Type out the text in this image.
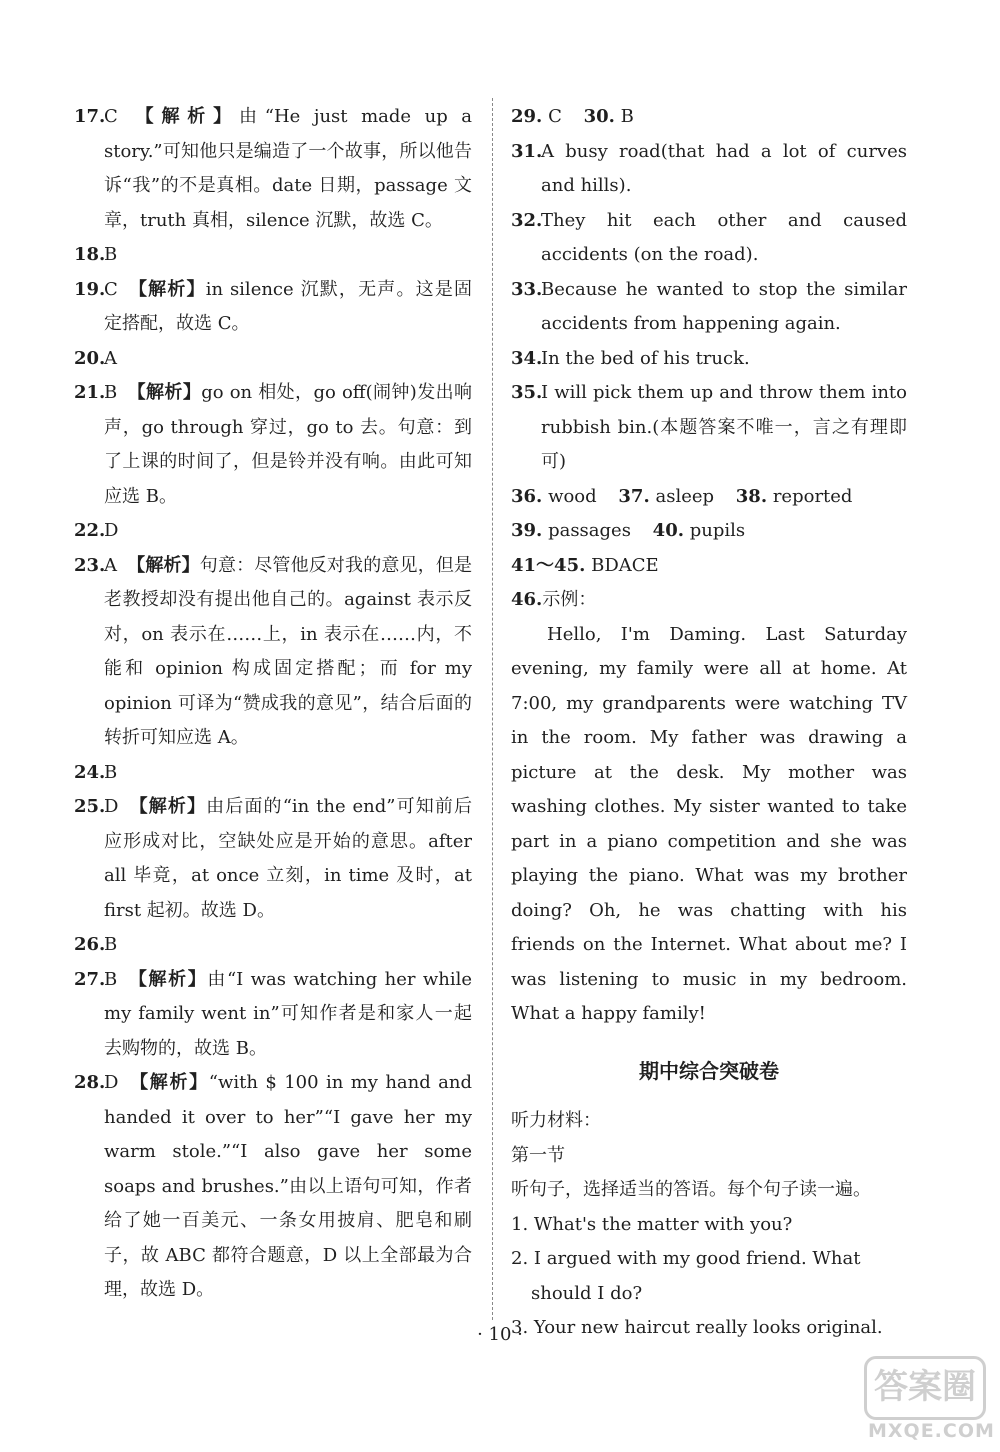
17.
C 【解析】由“He just made up a story.”可知他只是编造了一个故事，所以他告诉“我”的不是真相。date 日期，passage 文章，truth 真相，silence 沉默，故选 C。
18.
B
19.
C 【解析】in silence 沉默，无声。这是固定搭配，故选 C。
20.
A
21.
B 【解析】go on 相处，go off(闹钟)发出响声，go through 穿过，go to 去。句意：到了上课的时间了，但是铃并没有响。由此可知应选 B。
22.
D
23.
A 【解析】句意：尽管他反对我的意见，但是老教授却没有提出他自己的。against 表示反对，on 表示在……上，in 表示在……内，不能和 opinion 构成固定搭配；而 for my opinion 可译为“赞成我的意见”，结合后面的转折可知应选 A。
24.
B
25.
D 【解析】由后面的“in the end”可知前后应形成对比，空缺处应是开始的意思。after all 毕竟，at once 立刻，in time 及时，at first 起初。故选 D。
26.
B
27.
B 【解析】由“I was watching her while my family went in”可知作者是和家人一起去购物的，故选 B。
28.
D 【解析】“with $ 100 in my hand and handed it over to her”“I gave her my warm stole.”“I also gave her some soaps and brushes.”由以上语句可知，作者给了她一百美元、一条女用披肩、肥皂和刷子，故 ABC 都符合题意，D 以上全部最为合理，故选 D。
29. C 30. B
31.
A busy road(that had a lot of curves and hills).
32.
They hit each other and caused accidents (on the road).
33.
Because he wanted to stop the similar accidents from happening again.
34.
In the bed of his truck.
35.
I will pick them up and throw them into rubbish bin.(本题答案不唯一，言之有理即可)
36. wood 37. asleep 38. reported
39. passages 40. pupils
41～45. BDACE
46.示例：
Hello, I'm Daming. Last Saturday evening, my family were all at home. At 7:00, my grandparents were watching TV in the room. My father was drawing a picture at the desk. My mother was washing clothes. My sister wanted to take part in a piano competition and she was playing the piano. What was my brother doing? Oh, he was chatting with his friends on the Internet. What about me? I was listening to music in my bedroom. What a happy family!
期中综合突破卷
听力材料：
第一节
听句子，选择适当的答语。每个句子读一遍。
1. What's the matter with you?
2. I argued with my good friend. What should I do?
3. Your new haircut really looks original.
· 10 ·
答案圈
MXQE.COM
